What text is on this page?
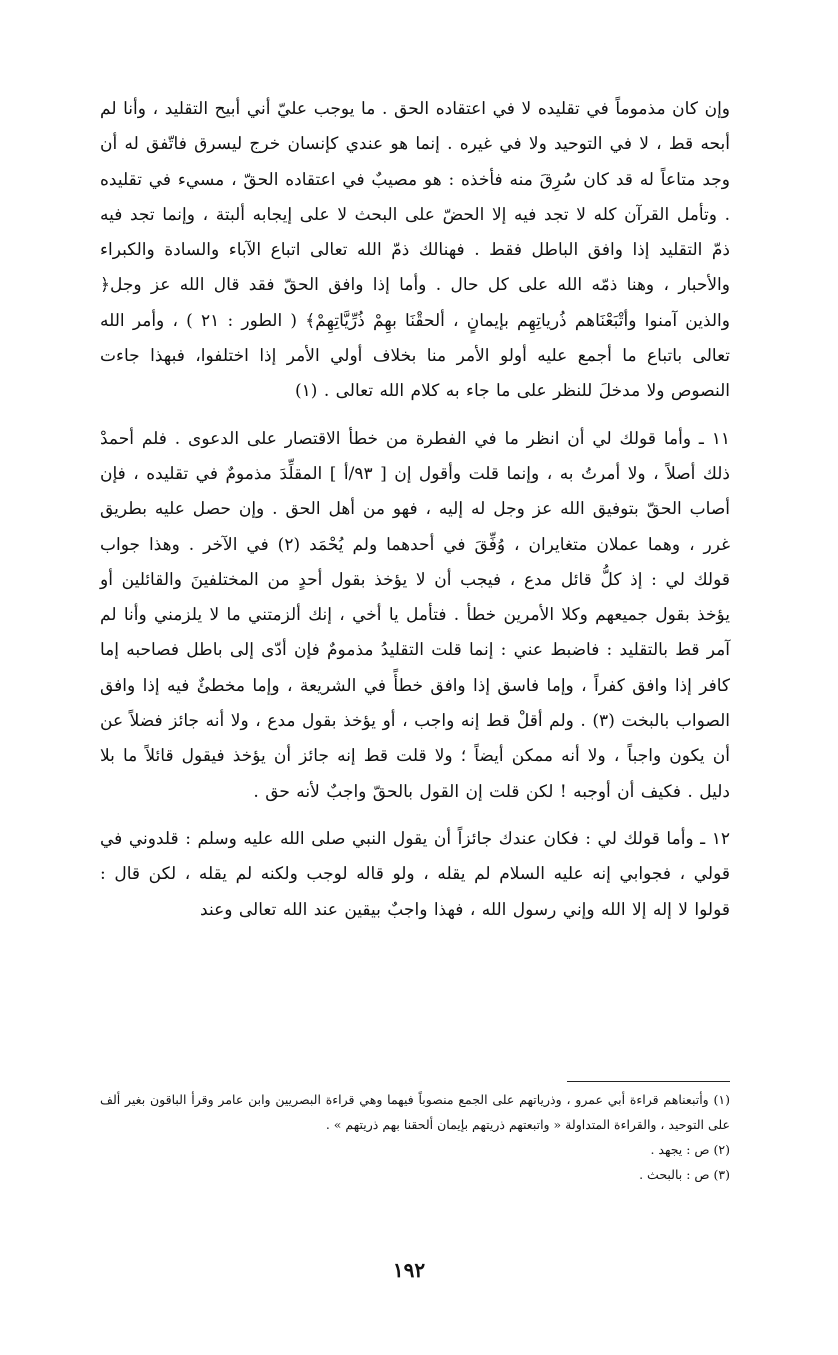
وإن كان مذموماً في تقليده لا في اعتقاده الحق . ما يوجب عليّ أني أبيح التقليد ، وأنا لم أبحه قط ، لا في التوحيد ولا في غيره . إنما هو عندي كإنسان خرج ليسرق فاتّفق له أن وجد متاعاً له قد كان سُرِقَ منه فأخذه : هو مصيبٌ في اعتقاده الحقّ ، مسيء في تقليده . وتأمل القرآن كله لا تجد فيه إلا الحضّ على البحث لا على إيجابه ألبتة ، وإنما تجد فيه ذمّ التقليد إذا وافق الباطل فقط . فهنالك ذمّ الله تعالى اتباع الآباء والسادة والكبراء والأحبار ، وهنا ذمّه الله على كل حال . وأما إذا وافق الحقّ فقد قال الله عز وجل﴿ والذين آمنوا وأتْبَعْنَاهم ذُرياتِهِم بإيمانٍ ، ألحقْنَا بهِمْ ذُرِّيَّاتِهِمْ﴾ ( الطور : ٢١ ) ، وأمر الله تعالى باتباع ما أجمع عليه أولو الأمر منا بخلاف أولي الأمر إذا اختلفوا، فبهذا جاءت النصوص ولا مدخلَ للنظر على ما جاء به كلام الله تعالى . (١)

١١ ـ وأما قولك لي أن انظر ما في الفطرة من خطأ الاقتصار على الدعوى . فلم أحمدْ ذلك أصلاً ، ولا أمرتُ به ، وإنما قلت وأقول إن [ ٩٣/أ ] المقلِّدَ مذمومٌ في تقليده ، فإن أصاب الحقّ بتوفيق الله عز وجل له إليه ، فهو من أهل الحق . وإن حصل عليه بطريق غرر ، وهما عملان متغايران ، وُفِّقَ في أحدهما ولم يُحْمَد (٢) في الآخر . وهذا جواب قولك لي : إذ كلُّ قائل مدع ، فيجب أن لا يؤخذ بقول أحدٍ من المختلفينَ والقائلين أو يؤخذ بقول جميعهم وكلا الأمرين خطأ . فتأمل يا أخي ، إنك ألزمتني ما لا يلزمني وأنا لم آمر قط بالتقليد : فاضبط عني : إنما قلت التقليدُ مذمومٌ فإن أدّى إلى باطل فصاحبه إما كافر إذا وافق كفراً ، وإما فاسق إذا وافق خطأً في الشريعة ، وإما مخطئٌ فيه إذا وافق الصواب بالبخت (٣) . ولم أقلْ قط إنه واجب ، أو يؤخذ بقول مدع ، ولا أنه جائز فضلاً عن أن يكون واجباً ، ولا أنه ممكن أيضاً ؛ ولا قلت قط إنه جائز أن يؤخذ فيقول قائلاً ما بلا دليل . فكيف أن أوجبه ! لكن قلت إن القول بالحقّ واجبٌ لأنه حق .

١٢ ـ وأما قولك لي : فكان عندك جائزاً أن يقول النبي صلى الله عليه وسلم : قلدوني في قولي ، فجوابي إنه عليه السلام لم يقله ، ولو قاله لوجب ولكنه لم يقله ، لكن قال : قولوا لا إله إلا الله وإني رسول الله ، فهذا واجبٌ بيقين عند الله تعالى وعند

(١) وأتبعناهم قراءة أبي عمرو ، وذرياتهم على الجمع منصوباً فيهما وهي قراءة البصريين وابن عامر وقرأ الباقون بغير ألف على التوحيد ، والقراءة المتداولة « واتبعتهم ذريتهم بإيمان ألحقنا بهم ذريتهم » .

(٢) ص : يجهد .

(٣) ص : بالبحث .

١٩٢
